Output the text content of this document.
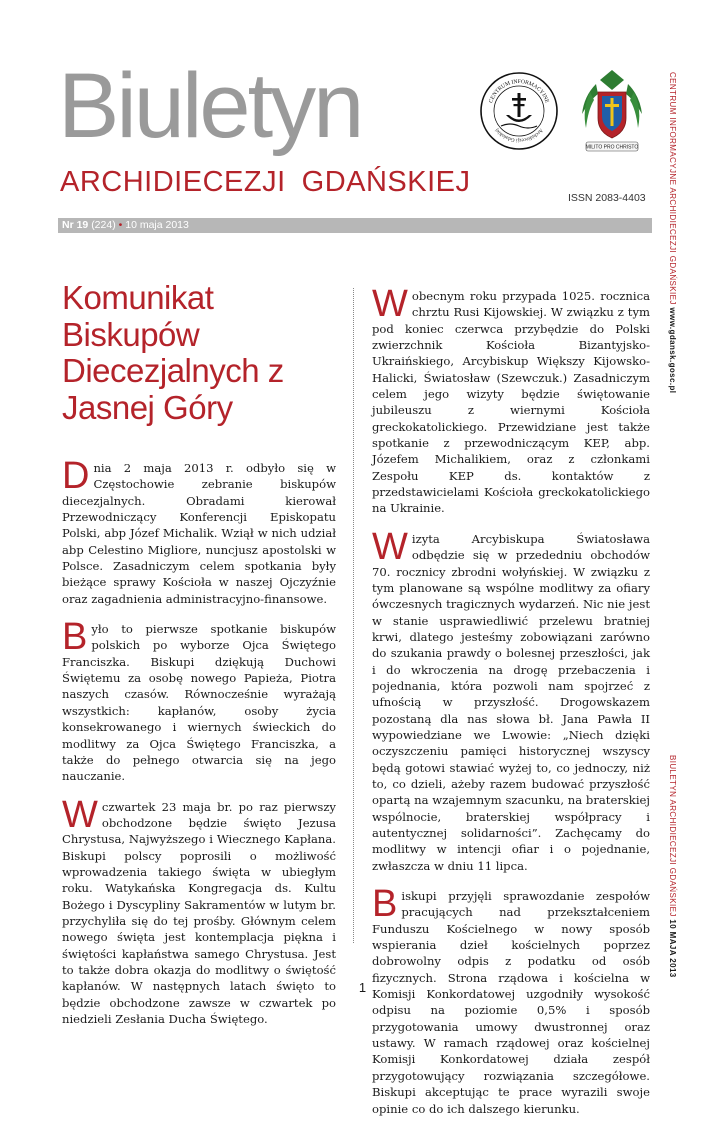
Biuletyn
ARCHIDIECEZJI GDAŃSKIEJ	ISSN 2083-4403
CENTRUM INFORMACYJNE
Archidiecezji Gdańskiej
MILITO PRO CHRISTO
Nr 19 (224) • 10 maja 2013	CENTRUM INFORMACYJNE ARCHIDIECEZJI GDAŃSKIEJ www.gdansk.gosc.pl
BIULETYN ARCHIDIECEZJI GDAŃSKIEJ 10 MAJA 2013
Komunikat Biskupów Diecezjalnych z Jasnej Góry

Dnia 2 maja 2013 r. odbyło się w Częstochowie zebranie biskupów diecezjalnych. Obradami kierował Przewodniczący Konferencji Episkopatu Polski, abp Józef Michalik. Wziął w nich udział abp Celestino Migliore, nuncjusz apostolski w Polsce. Zasadniczym celem spotkania były bieżące sprawy Kościoła w naszej Ojczyźnie oraz zagadnienia administracyjno-finansowe.

Było to pierwsze spotkanie biskupów polskich po wyborze Ojca Świętego Franciszka. Biskupi dziękują Duchowi Świętemu za osobę nowego Papieża, Piotra naszych czasów. Równocześnie wyrażają wszystkich: kapłanów, osoby życia konsekrowanego i wiernych świeckich do modlitwy za Ojca Świętego Franciszka, a także do pełnego otwarcia się na jego nauczanie.

W czwartek 23 maja br. po raz pierwszy obchodzone będzie święto Jezusa Chrystusa, Najwyższego i Wiecznego Kapłana. Biskupi polscy poprosili o możliwość wprowadzenia takiego święta w ubiegłym roku. Watykańska Kongregacja ds. Kultu Bożego i Dyscypliny Sakramentów w lutym br. przychyliła się do tej prośby. Głównym celem nowego święta jest kontemplacja piękna i świętości kapłaństwa samego Chrystusa. Jest to także dobra okazja do modlitwy o świętość kapłanów. W następnych latach święto to będzie obchodzone zawsze w czwartek po niedzieli Zesłania Ducha Świętego.

W obecnym roku przypada 1025. rocznica chrztu Rusi Kijowskiej. W związku z tym pod koniec czerwca przybędzie do Polski zwierzchnik Kościoła Bizantyjsko-Ukraińskiego, Arcybiskup Większy Kijowsko-Halicki, Światosław (Szewczuk.) Zasadniczym celem jego wizyty będzie świętowanie jubileuszu z wiernymi Kościoła greckokatolickiego. Przewidziane jest także spotkanie z przewodniczącym KEP, abp. Józefem Michalikiem, oraz z członkami Zespołu KEP ds. kontaktów z przedstawicielami Kościoła greckokatolickiego na Ukrainie.

Wizyta Arcybiskupa Światosława odbędzie się w przededniu obchodów 70. rocznicy zbrodni wołyńskiej. W związku z tym planowane są wspólne modlitwy za ofiary ówczesnych tragicznych wydarzeń. Nic nie jest w stanie usprawiedliwić przelewu bratniej krwi, dlatego jesteśmy zobowiązani zarówno do szukania prawdy o bolesnej przeszłości, jak i do wkroczenia na drogę przebaczenia i pojednania, która pozwoli nam spojrzeć z ufnością w przyszłość. Drogowskazem pozostaną dla nas słowa bł. Jana Pawła II wypowiedziane we Lwowie: „Niech dzięki oczyszczeniu pamięci historycznej wszyscy będą gotowi stawiać wyżej to, co jednoczy, niż to, co dzieli, ażeby razem budować przyszłość opartą na wzajemnym szacunku, na braterskiej wspólnocie, braterskiej współpracy i autentycznej solidarności”. Zachęcamy do modlitwy w intencji ofiar i o pojednanie, zwłaszcza w dniu 11 lipca.

Biskupi przyjęli sprawozdanie zespołów pracujących nad przekształceniem Funduszu Kościelnego w nowy sposób wspierania dzieł kościelnych poprzez dobrowolny odpis z podatku od osób fizycznych. Strona rządowa i kościelna w Komisji Konkordatowej uzgodniły wysokość odpisu na poziomie 0,5% i sposób przygotowania umowy dwustronnej oraz ustawy. W ramach rządowej oraz kościelnej Komisji Konkordatowej działa zespół przygotowujący rozwiązania szczegółowe. Biskupi akceptując te prace wyrazili swoje opinie co do ich dalszego kierunku.

1
